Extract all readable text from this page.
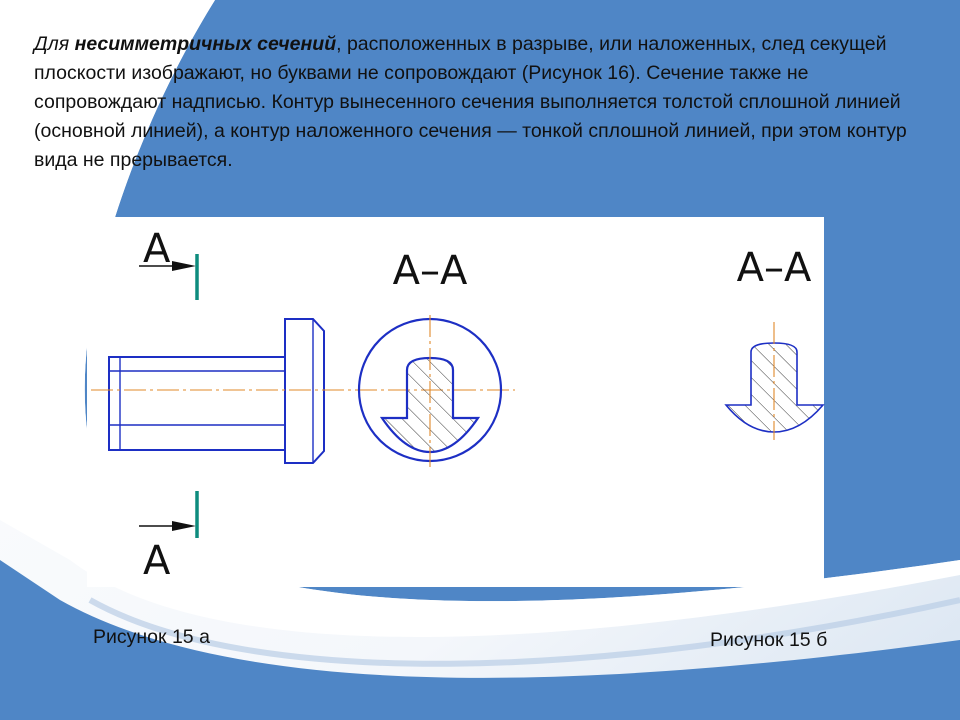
Для несимметричных сечений, расположенных в разрыве, или наложенных, след секущей плоскости изображают, но буквами не сопровождают (Рисунок 16). Сечение также не сопровождают надписью. Контур вынесенного сечения выполняется толстой сплошной линией (основной линией), а контур наложенного сечения — тонкой сплошной линией, при этом контур вида не прерывается.

А
А
А–А	А–А
Рисунок 15 а	Рисунок 15 б
